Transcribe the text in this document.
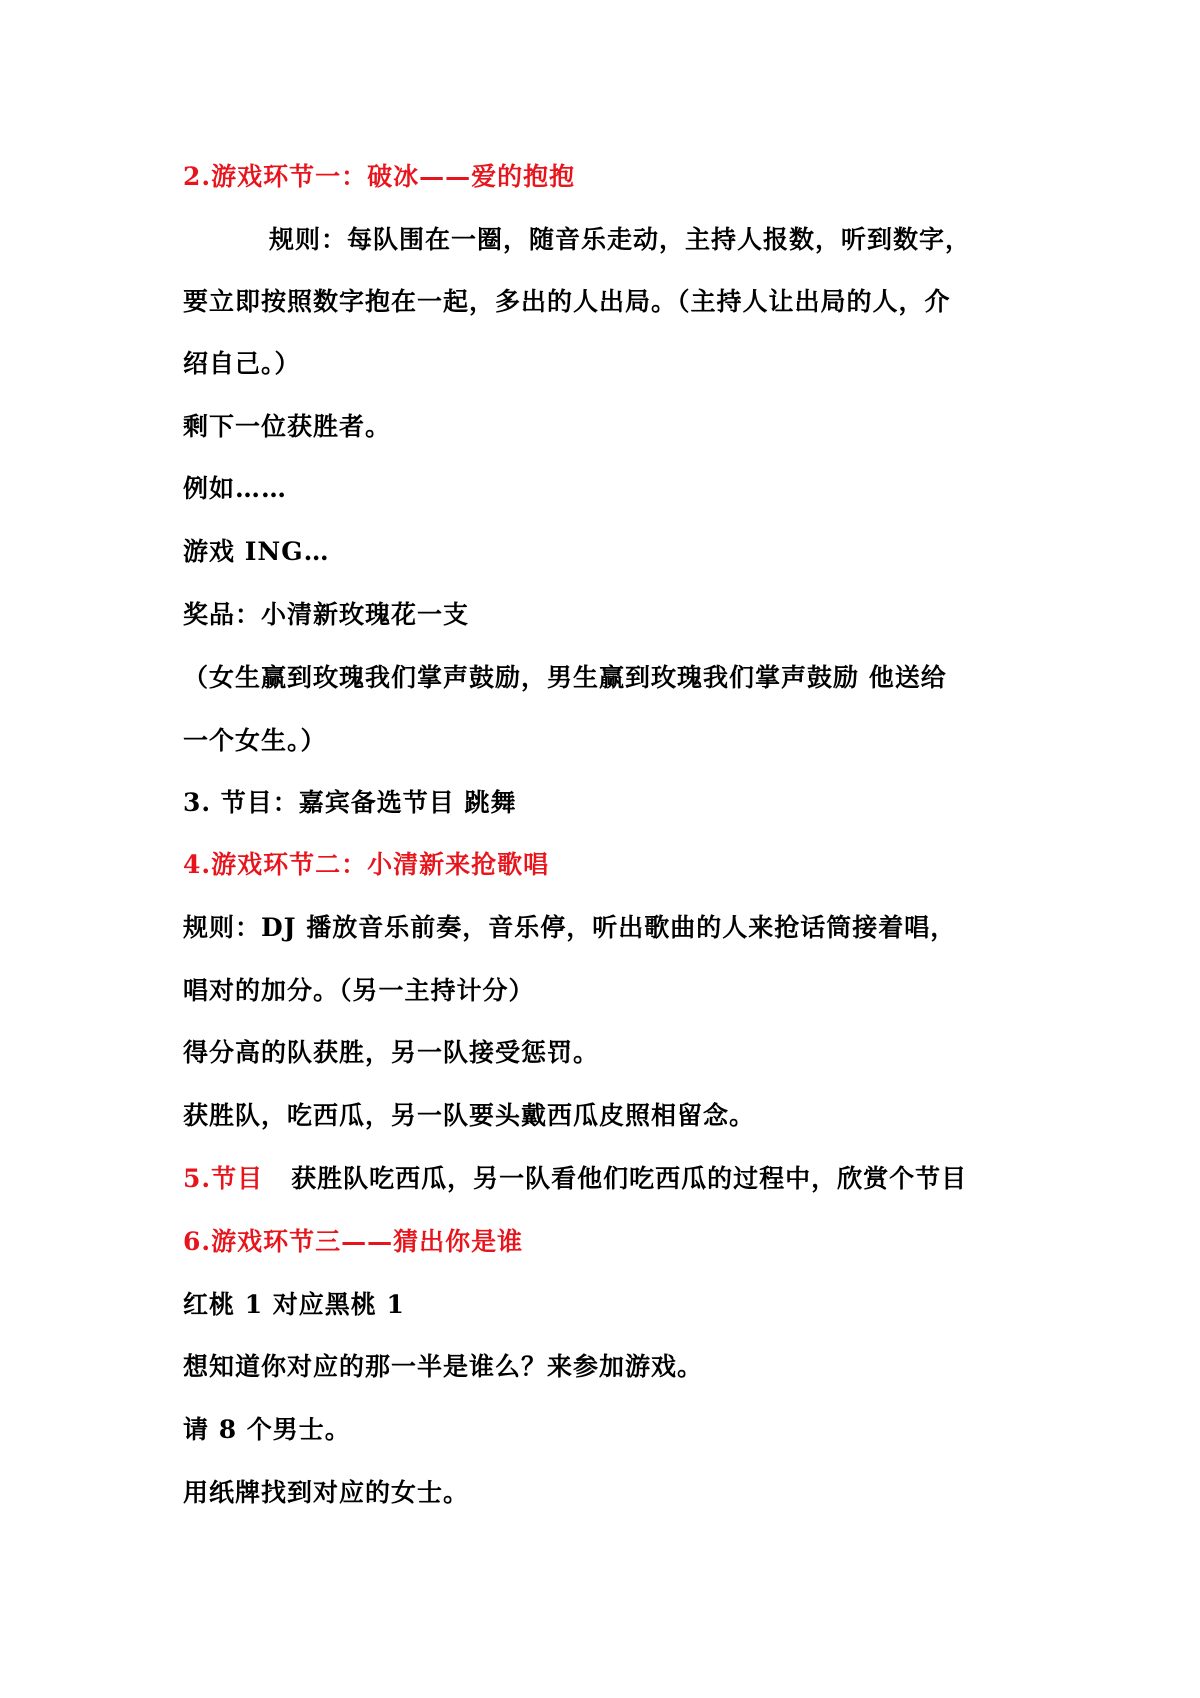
2.游戏环节一：破冰——爱的抱抱
规则：每队围在一圈，随音乐走动，主持人报数，听到数字，
要立即按照数字抱在一起，多出的人出局。（主持人让出局的人，介
绍自己。）
剩下一位获胜者。
例如……
游戏 ING…
奖品：小清新玫瑰花一支
（女生赢到玫瑰我们掌声鼓励，男生赢到玫瑰我们掌声鼓励 他送给
一个女生。）
3. 节目：嘉宾备选节目 跳舞
4.游戏环节二：小清新来抢歌唱
规则：DJ 播放音乐前奏，音乐停，听出歌曲的人来抢话筒接着唱，
唱对的加分。（另一主持计分）
得分高的队获胜，另一队接受惩罚。
获胜队，吃西瓜，另一队要头戴西瓜皮照相留念。
5.节目 获胜队吃西瓜，另一队看他们吃西瓜的过程中，欣赏个节目
6.游戏环节三——猜出你是谁
红桃 1 对应黑桃 1
想知道你对应的那一半是谁么？来参加游戏。
请 8 个男士。
用纸牌找到对应的女士。
